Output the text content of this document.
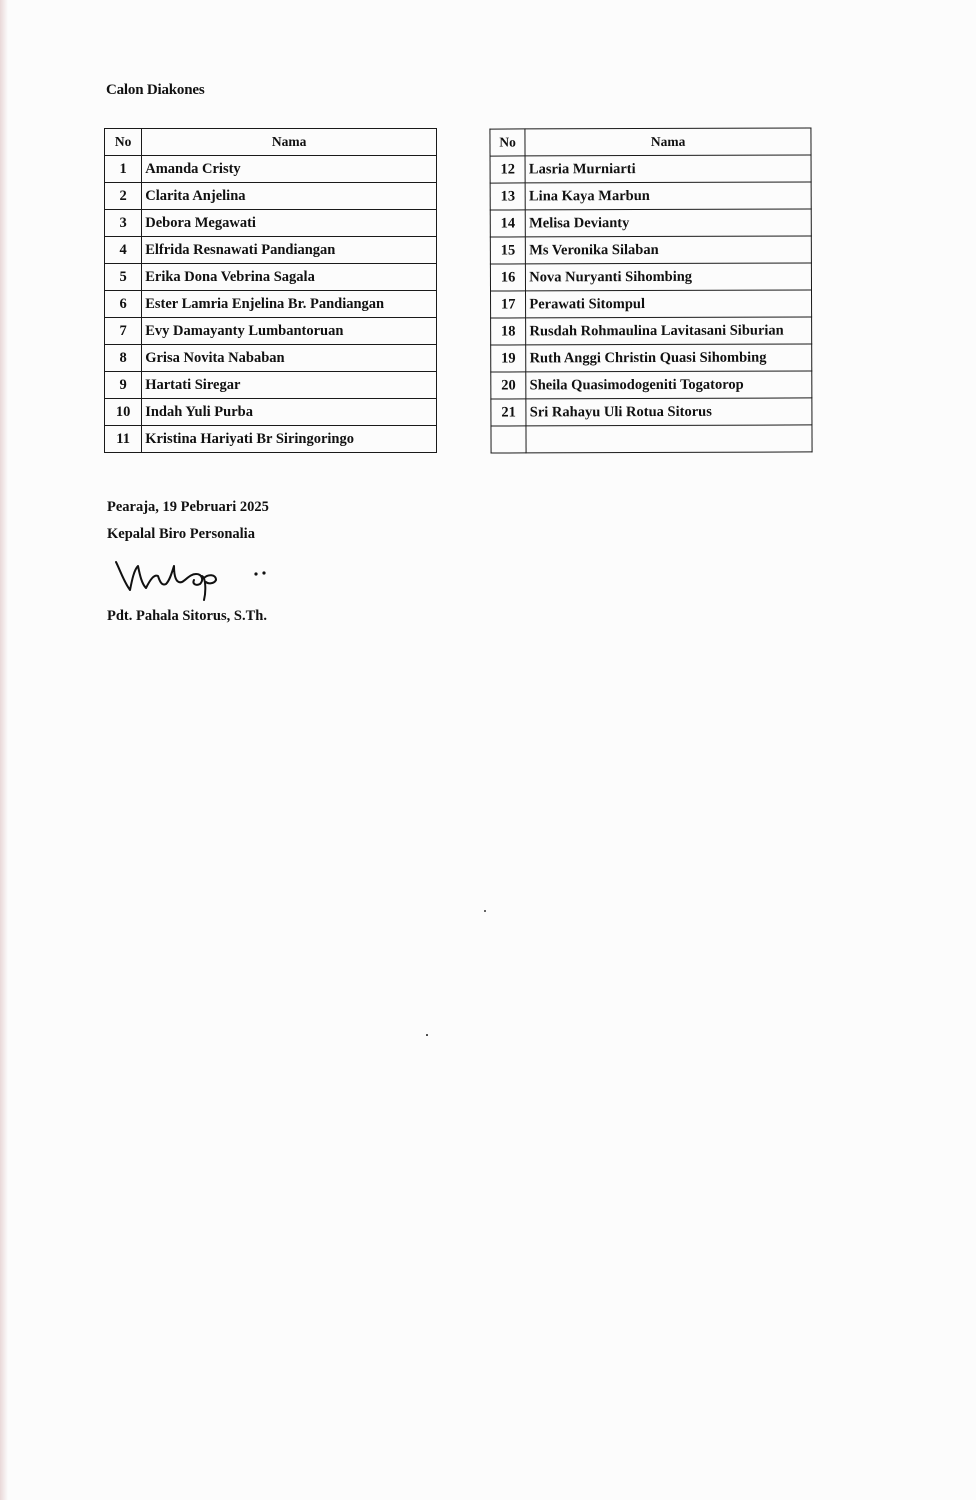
Calon Diakones
No	Nama
1	Amanda Cristy
2	Clarita Anjelina
3	Debora Megawati
4	Elfrida Resnawati Pandiangan
5	Erika Dona Vebrina Sagala
6	Ester Lamria Enjelina Br. Pandiangan
7	Evy Damayanty Lumbantoruan
8	Grisa Novita Nababan
9	Hartati Siregar
10	Indah Yuli Purba
11	Kristina Hariyati Br Siringoringo
No	Nama
12	Lasria Murniarti
13	Lina Kaya Marbun
14	Melisa Devianty
15	Ms Veronika Silaban
16	Nova Nuryanti Sihombing
17	Perawati Sitompul
18	Rusdah Rohmaulina Lavitasani Siburian
19	Ruth Anggi Christin Quasi Sihombing
20	Sheila Quasimodogeniti Togatorop
21	Sri Rahayu Uli Rotua Sitorus

Pearaja, 19 Pebruari 2025
Kepalal Biro Personalia
Pdt. Pahala Sitorus, S.Th.
